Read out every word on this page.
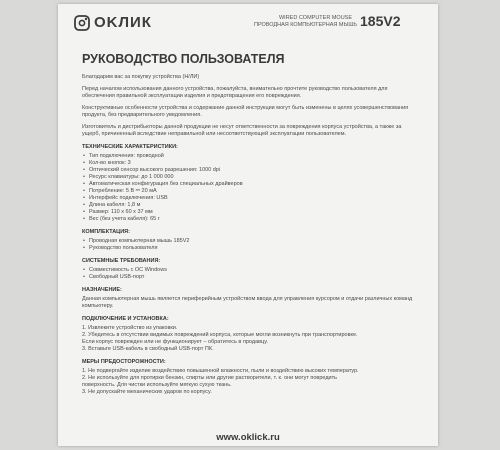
OKЛИК	WIRED COMPUTER MOUSE
ПРОВОДНАЯ КОМПЬЮТЕРНАЯ МЫШЬ 185V2
РУКОВОДСТВО ПОЛЬЗОВАТЕЛЯ

Благодарим вас за покупку устройства (Н/ЛИ)

Перед началом использования данного устройства, пожалуйста, внимательно прочтите руководство пользователя для обеспечения правильной эксплуатации изделия и предотвращения его повреждения.

Конструктивные особенности устройства и содержание данной инструкции могут быть изменены в целях усовершенствования продукта, без предварительного уведомления.

Изготовитель и дистрибьюторы данной продукции не несут ответственности за повреждения корпуса устройства, а также за ущерб, причиненный вследствие неправильной или несоответствующей эксплуатации пользователем.

ТЕХНИЧЕСКИЕ ХАРАКТЕРИСТИКИ:
• Тип подключения: проводной
• Кол-во кнопок: 3
• Оптический сенсор высокого разрешения: 1000 dpi
• Ресурс клавиатуры: до 1 000 000
• Автоматическая конфигурация без специальных драйверов
• Потребление: 5 В ⎓ 20 мА
• Интерфейс подключения: USB
• Длина кабеля: 1,8 м
• Размер: 110 х 60 х 37 мм
• Вес (без учета кабеля): 65 г
КОМПЛЕКТАЦИЯ:
• Проводная компьютерная мышь 185V2
• Руководство пользователя
СИСТЕМНЫЕ ТРЕБОВАНИЯ:
• Совместимость с ОС Windows
• Свободный USB-порт
НАЗНАЧЕНИЕ:

Данная компьютерная мышь является периферийным устройством ввода для управления курсором и отдачи различных команд компьютеру.

ПОДКЛЮЧЕНИЕ И УСТАНОВКА:
1. Извлеките устройство из упаковки.
2. Убедитесь в отсутствии видимых повреждений корпуса, которые могли возникнуть при транспортировке.
Если корпус поврежден или не функционирует – обратитесь в продавцу.
3. Вставьте USB-кабель в свободный USB-порт ПК.
МЕРЫ ПРЕДОСТОРОЖНОСТИ:
1. Не подвергайте изделие воздействию повышенной влажности, пыли и воздействию высоких температур.
2. Не используйте для протирки бензин, спирты или другие растворители, т. к. они могут повредить
поверхность. Для чистки используйте мягкую сухую ткань.
3. Не допускайте механических ударов по корпусу.
www.oklick.ru
